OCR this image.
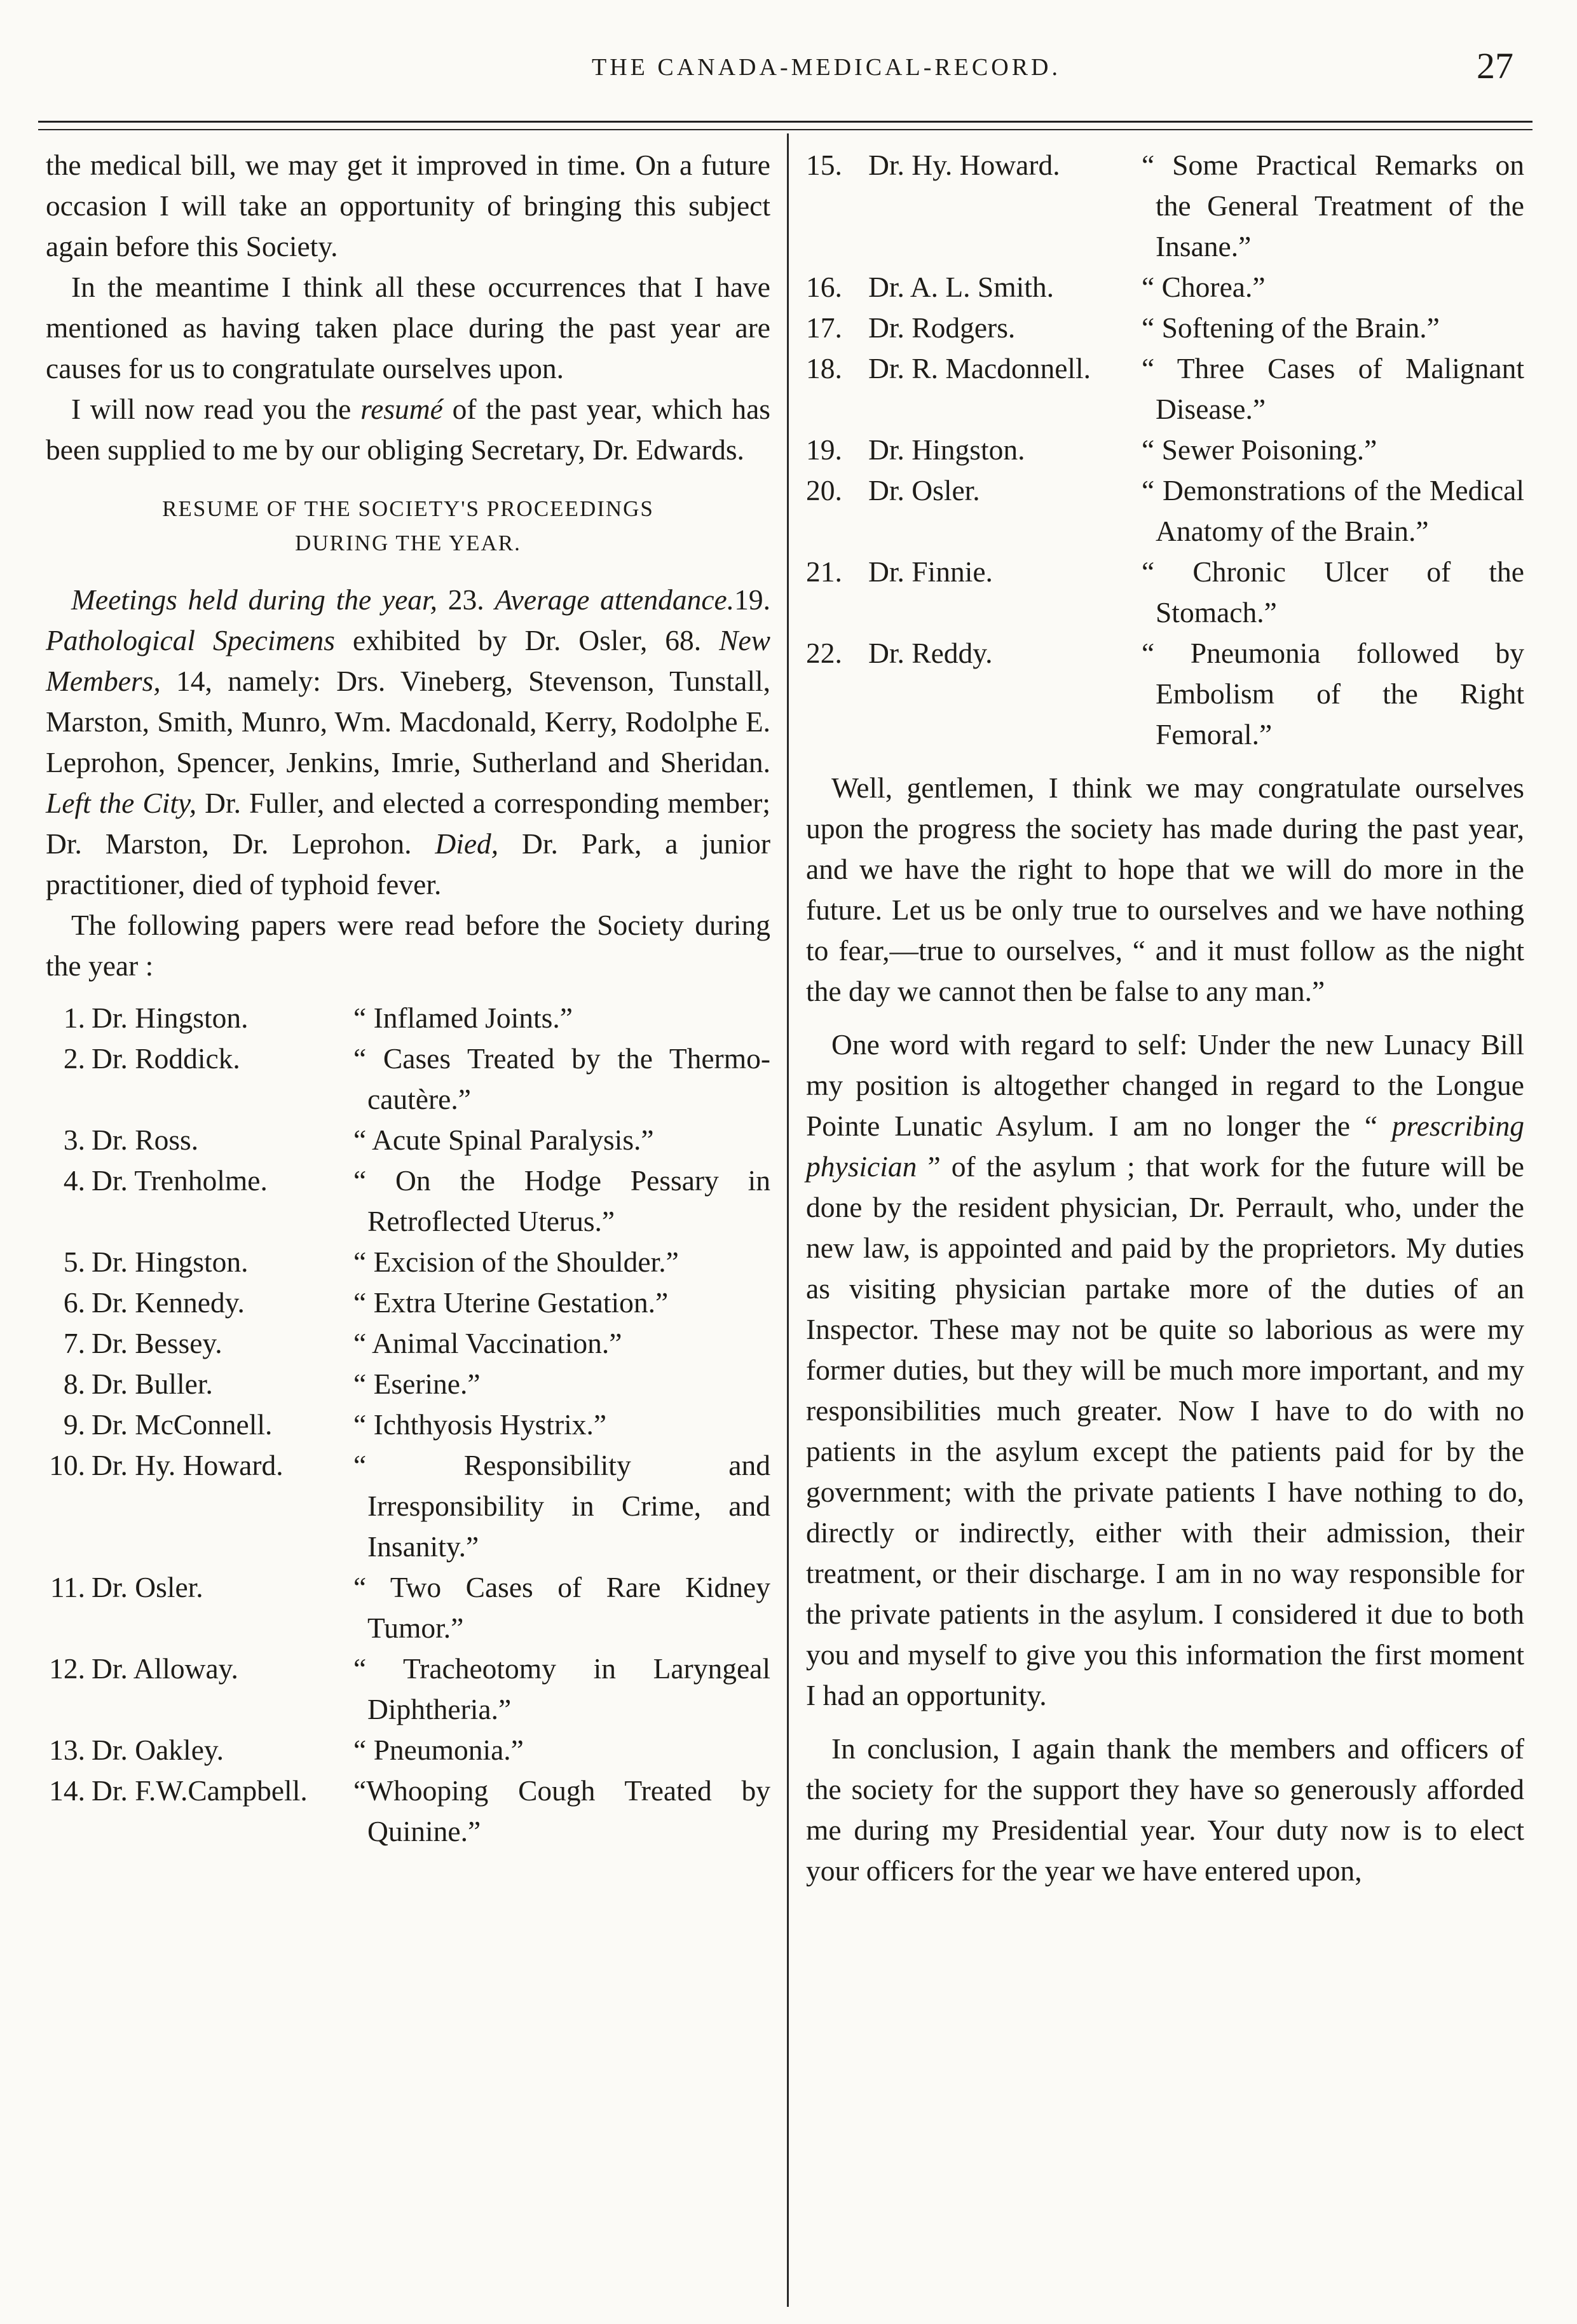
THE CANADA-MEDICAL-RECORD.	27

the medical bill, we may get it improved in time. On a future occasion I will take an opportunity of bringing this subject again before this Society.

In the meantime I think all these occurrences that I have mentioned as having taken place during the past year are causes for us to congratulate ourselves upon.

I will now read you the resumé of the past year, which has been supplied to me by our obliging Secretary, Dr. Edwards.

RESUME OF THE SOCIETY'S PROCEEDINGS
DURING THE YEAR.

Meetings held during the year, 23. Average attendance.19. Pathological Specimens exhibited by Dr. Osler, 68. New Members, 14, namely: Drs. Vineberg, Stevenson, Tunstall, Marston, Smith, Munro, Wm. Macdonald, Kerry, Rodolphe E. Leprohon, Spencer, Jenkins, Imrie, Sutherland and Sheridan. Left the City, Dr. Fuller, and elected a corresponding member; Dr. Marston, Dr. Leprohon. Died, Dr. Park, a junior practitioner, died of typhoid fever.

The following papers were read before the Society during the year :

1. Dr. Hingston.	“ Inflamed Joints.”
2. Dr. Roddick.	“ Cases Treated by the Thermo-cautère.”
3. Dr. Ross.	“ Acute Spinal Paralysis.”
4. Dr. Trenholme.	“ On the Hodge Pessary in Retroflected Uterus.”
5. Dr. Hingston.	“ Excision of the Shoulder.”
6. Dr. Kennedy.	“ Extra Uterine Gestation.”
7. Dr. Bessey.	“ Animal Vaccination.”
8. Dr. Buller.	“ Eserine.”
9. Dr. McConnell.	“ Ichthyosis Hystrix.”
10. Dr. Hy. Howard.	“ Responsibility and Irresponsibility in Crime, and Insanity.”
11. Dr. Osler.	“ Two Cases of Rare Kidney Tumor.”
12. Dr. Alloway.	“ Tracheotomy in Laryngeal Diphtheria.”
13. Dr. Oakley.	“ Pneumonia.”
14. Dr. F.W.Campbell.	“Whooping Cough Treated by Quinine.”
15. Dr. Hy. Howard.	“ Some Practical Remarks on the General Treatment of the Insane.”
16. Dr. A. L. Smith.	“ Chorea.”
17. Dr. Rodgers.	“ Softening of the Brain.”
18. Dr. R. Macdonnell.	“ Three Cases of Malignant Disease.”
19. Dr. Hingston.	“ Sewer Poisoning.”
20. Dr. Osler.	“ Demonstrations of the Medical Anatomy of the Brain.”
21. Dr. Finnie.	“ Chronic Ulcer of the Stomach.”
22. Dr. Reddy.	“ Pneumonia followed by Embolism of the Right Femoral.”

Well, gentlemen, I think we may congratulate ourselves upon the progress the society has made during the past year, and we have the right to hope that we will do more in the future. Let us be only true to ourselves and we have nothing to fear,—true to ourselves, “ and it must follow as the night the day we cannot then be false to any man.”

One word with regard to self: Under the new Lunacy Bill my position is altogether changed in regard to the Longue Pointe Lunatic Asylum. I am no longer the “ prescribing physician ” of the asylum ; that work for the future will be done by the resident physician, Dr. Perrault, who, under the new law, is appointed and paid by the proprietors. My duties as visiting physician partake more of the duties of an Inspector. These may not be quite so laborious as were my former duties, but they will be much more important, and my responsibilities much greater. Now I have to do with no patients in the asylum except the patients paid for by the government; with the private patients I have nothing to do, directly or indirectly, either with their admission, their treatment, or their discharge. I am in no way responsible for the private patients in the asylum. I considered it due to both you and myself to give you this information the first moment I had an opportunity.

In conclusion, I again thank the members and officers of the society for the support they have so generously afforded me during my Presidential year. Your duty now is to elect your officers for the year we have entered upon,
